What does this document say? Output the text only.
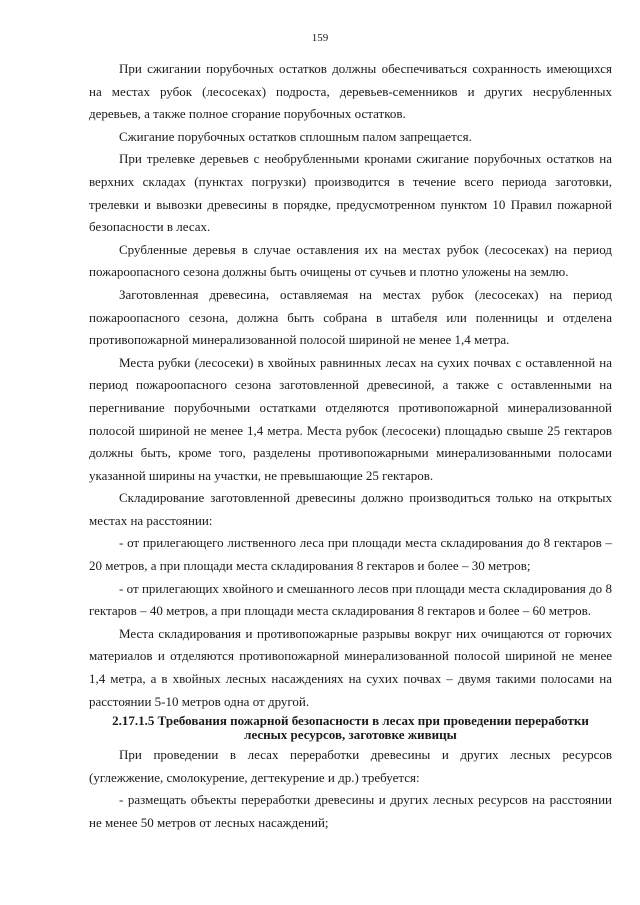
159

При сжигании порубочных остатков должны обеспечиваться сохранность имеющихся на местах рубок (лесосеках) подроста, деревьев-семенников и других несрубленных деревьев, а также полное сгорание порубочных остатков.

Сжигание порубочных остатков сплошным палом запрещается.

При трелевке деревьев с необрубленными кронами сжигание порубочных остатков на верхних складах (пунктах погрузки) производится в течение всего периода заготовки, трелевки и вывозки древесины в порядке, предусмотренном пунктом 10 Правил пожарной безопасности в лесах.

Срубленные деревья в случае оставления их на местах рубок (лесосеках) на период пожароопасного сезона должны быть очищены от сучьев и плотно уложены на землю.

Заготовленная древесина, оставляемая на местах рубок (лесосеках) на период пожароопасного сезона, должна быть собрана в штабеля или поленницы и отделена противопожарной минерализованной полосой шириной не менее 1,4 метра.

Места рубки (лесосеки) в хвойных равнинных лесах на сухих почвах с оставленной на период пожароопасного сезона заготовленной древесиной, а также с оставленными на перегнивание порубочными остатками отделяются противопожарной минерализованной полосой шириной не менее 1,4 метра. Места рубок (лесосеки) площадью свыше 25 гектаров должны быть, кроме того, разделены противопожарными минерализованными полосами указанной ширины на участки, не превышающие 25 гектаров.

Складирование заготовленной древесины должно производиться только на открытых местах на расстоянии:

- от прилегающего лиственного леса при площади места складирования до 8 гектаров – 20 метров, а при площади места складирования 8 гектаров и более – 30 метров;

- от прилегающих хвойного и смешанного лесов при площади места складирования до 8 гектаров – 40 метров, а при площади места складирования 8 гектаров и более – 60 метров.

Места складирования и противопожарные разрывы вокруг них очищаются от горючих материалов и отделяются противопожарной минерализованной полосой шириной не менее 1,4 метра, а в хвойных лесных насаждениях на сухих почвах – двумя такими полосами на расстоянии 5-10 метров одна от другой.

2.17.1.5 Требования пожарной безопасности в лесах при проведении переработки лесных ресурсов, заготовке живицы

При проведении в лесах переработки древесины и других лесных ресурсов (углежжение, смолокурение, дегтекурение и др.) требуется:

- размещать объекты переработки древесины и других лесных ресурсов на расстоянии не менее 50 метров от лесных насаждений;
